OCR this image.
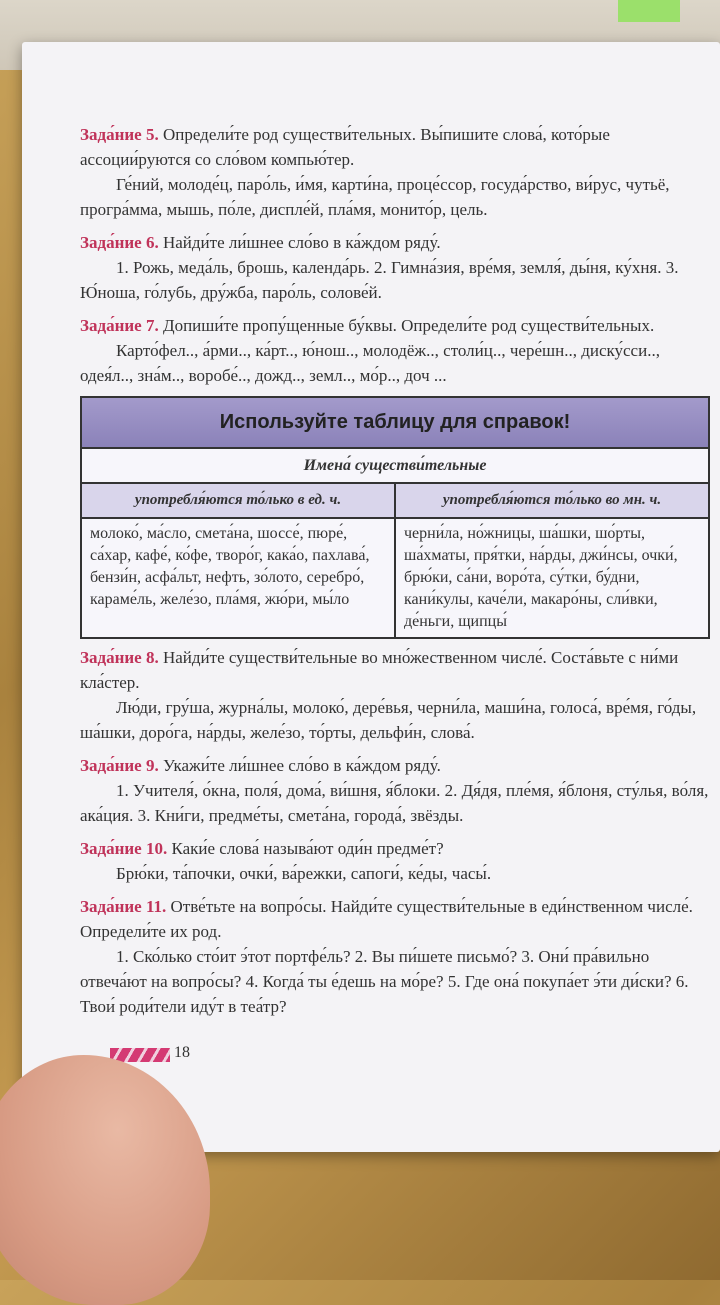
Зада́ние 5. Определи́те род существи́тельных. Вы́пишите слова́, кото́рые ассоции́руются со сло́вом компью́тер.
Ге́ний, молоде́ц, паро́ль, и́мя, карти́на, проце́ссор, госуда́рство, ви́рус, чутьё, програ́мма, мышь, по́ле, диспле́й, пла́мя, монито́р, цель.
Зада́ние 6. Найди́те ли́шнее сло́во в ка́ждом ряду́.
1. Рожь, меда́ль, брошь, календа́рь. 2. Гимна́зия, вре́мя, земля́, ды́ня, ку́хня. 3. Ю́ноша, го́лубь, дру́жба, паро́ль, солове́й.
Зада́ние 7. Допиши́те пропу́щенные бу́квы. Определи́те род существи́тельных.
Карто́фел.., а́рми.., ка́рт.., ю́нош.., молодёж.., столи́ц.., чере́шн.., диску́сси.., одея́л.., зна́м.., воробе́.., дожд.., земл.., мо́р.., доч ...
Используйте таблицу для справок!
Имена́ существи́тельные
употребля́ются то́лько в ед. ч.
молоко́, ма́сло, смета́на, шоссе́, пюре́, са́хар, кафе́, ко́фе, творо́г, кака́о, пахлава́, бензи́н, асфа́льт, нефть, зо́лото, серебро́, караме́ль, желе́зо, пла́мя, жю́ри, мы́ло
употребля́ются то́лько во мн. ч.
черни́ла, но́жницы, ша́шки, шо́рты, ша́хматы, пря́тки, на́рды, джи́нсы, очки́, брю́ки, са́ни, воро́та, су́тки, бу́дни, кани́кулы, каче́ли, макаро́ны, сли́вки, де́ньги, щипцы́
Зада́ние 8. Найди́те существи́тельные во мно́жественном числе́. Соста́вьте с ни́ми кла́стер.
Лю́ди, гру́ша, журна́лы, молоко́, дере́вья, черни́ла, маши́на, голоса́, вре́мя, го́ды, ша́шки, доро́га, на́рды, желе́зо, то́рты, дельфи́н, слова́.
Зада́ние 9. Укажи́те ли́шнее сло́во в ка́ждом ряду́.
1. Учителя́, о́кна, поля́, дома́, ви́шня, я́блоки. 2. Дя́дя, пле́мя, я́блоня, сту́лья, во́ля, ака́ция. 3. Кни́ги, предме́ты, смета́на, города́, звёзды.
Зада́ние 10. Каки́е слова́ называ́ют оди́н предме́т?
Брю́ки, та́почки, очки́, ва́режки, сапоги́, ке́ды, часы́.
Зада́ние 11. Отве́тьте на вопро́сы. Найди́те существи́тельные в еди́нственном числе́. Определи́те их род.
1. Ско́лько сто́ит э́тот портфе́ль? 2. Вы пи́шете письмо́? 3. Они́ пра́вильно отвеча́ют на вопро́сы? 4. Когда́ ты е́дешь на мо́ре? 5. Где она́ покупа́ет э́ти ди́ски? 6. Твои́ роди́тели иду́т в теа́тр?
18
